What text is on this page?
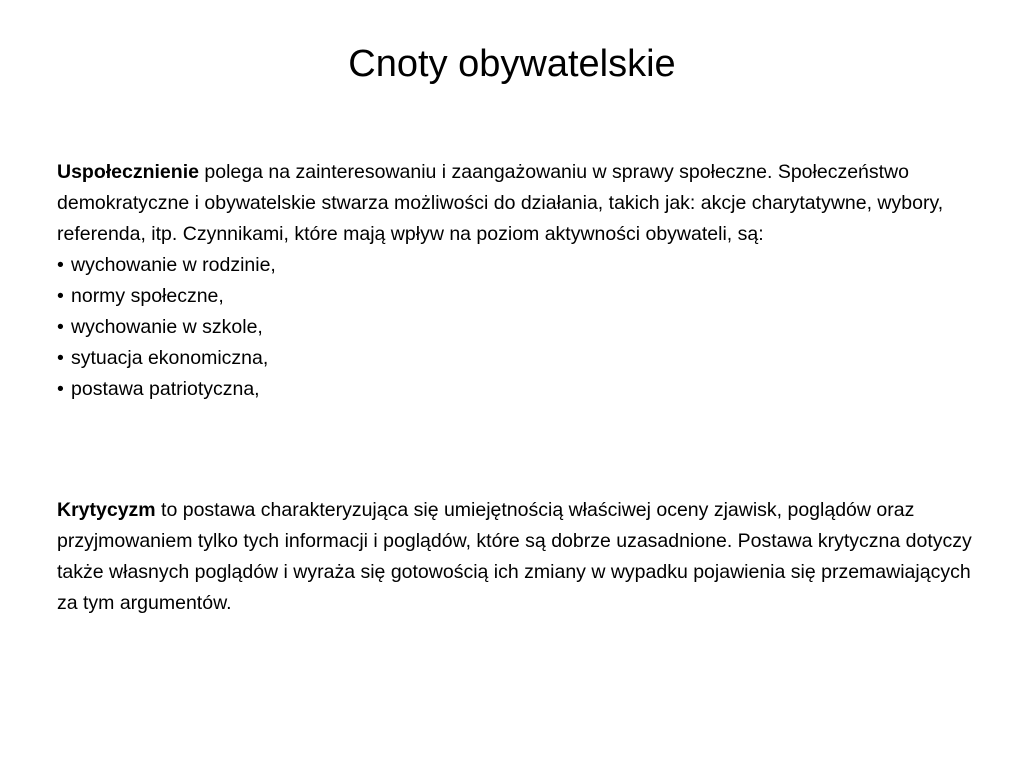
Cnoty obywatelskie
Uspołecznienie polega na zainteresowaniu i zaangażowaniu w sprawy społeczne. Społeczeństwo demokratyczne i obywatelskie stwarza możliwości do działania, takich jak: akcje charytatywne, wybory, referenda, itp. Czynnikami, które mają wpływ na poziom aktywności obywateli, są:
• wychowanie w rodzinie,
• normy społeczne,
• wychowanie w szkole,
• sytuacja ekonomiczna,
• postawa patriotyczna,

Krytycyzm to postawa charakteryzująca się umiejętnością właściwej oceny zjawisk, poglądów oraz przyjmowaniem tylko tych informacji i poglądów, które są dobrze uzasadnione. Postawa krytyczna dotyczy także własnych poglądów i wyraża się gotowością ich zmiany w wypadku pojawienia się przemawiających za tym argumentów.
